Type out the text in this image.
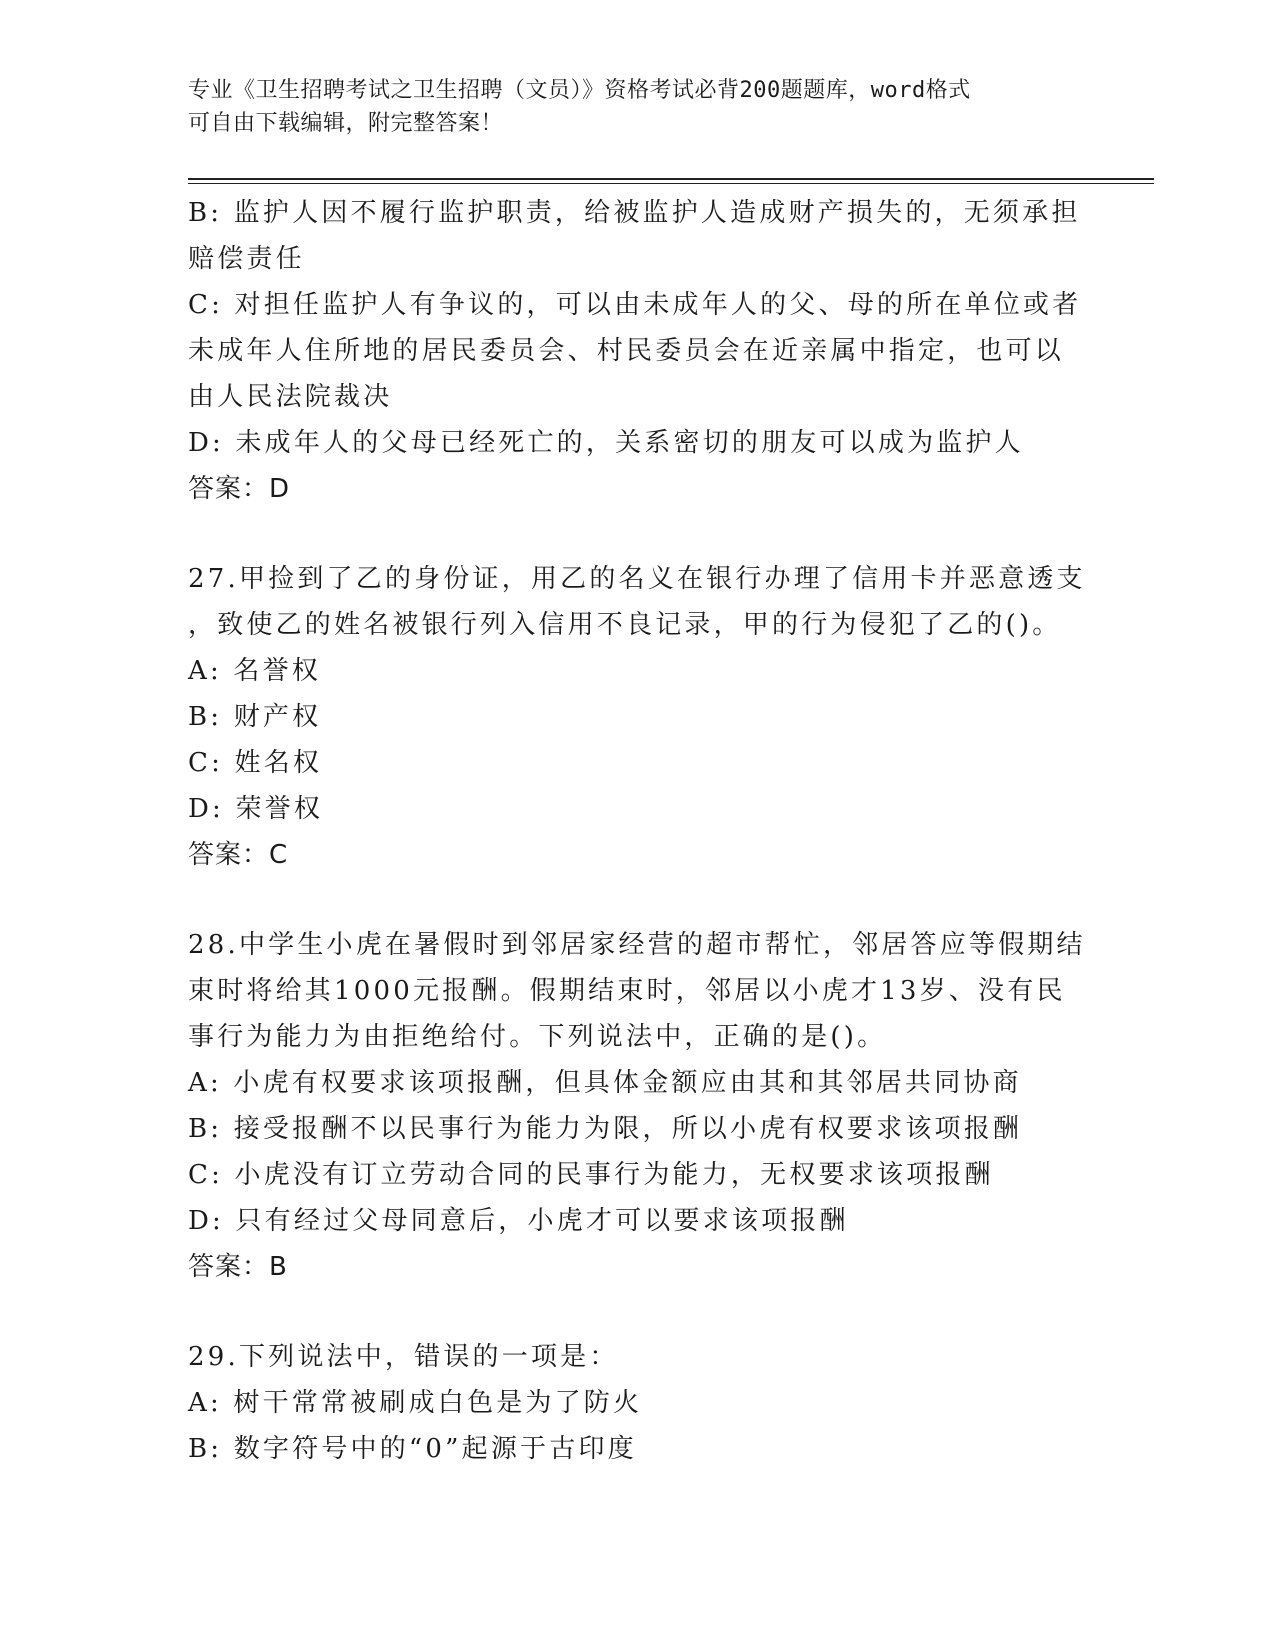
专业《卫生招聘考试之卫生招聘（文员）》资格考试必背200题题库，word格式
可自由下载编辑，附完整答案！
B: 监护人因不履行监护职责，给被监护人造成财产损失的，无须承担
赔偿责任
C: 对担任监护人有争议的，可以由未成年人的父、母的所在单位或者
未成年人住所地的居民委员会、村民委员会在近亲属中指定，也可以
由人民法院裁决
D: 未成年人的父母已经死亡的，关系密切的朋友可以成为监护人
答案：D
27.甲捡到了乙的身份证，用乙的名义在银行办理了信用卡并恶意透支
，致使乙的姓名被银行列入信用不良记录，甲的行为侵犯了乙的()。
A: 名誉权
B: 财产权
C: 姓名权
D: 荣誉权
答案：C
28.中学生小虎在暑假时到邻居家经营的超市帮忙，邻居答应等假期结
束时将给其1000元报酬。假期结束时，邻居以小虎才13岁、没有民
事行为能力为由拒绝给付。下列说法中，正确的是()。
A: 小虎有权要求该项报酬，但具体金额应由其和其邻居共同协商
B: 接受报酬不以民事行为能力为限，所以小虎有权要求该项报酬
C: 小虎没有订立劳动合同的民事行为能力，无权要求该项报酬
D: 只有经过父母同意后，小虎才可以要求该项报酬
答案：B
29.下列说法中，错误的一项是：
A: 树干常常被刷成白色是为了防火
B: 数字符号中的“0”起源于古印度
